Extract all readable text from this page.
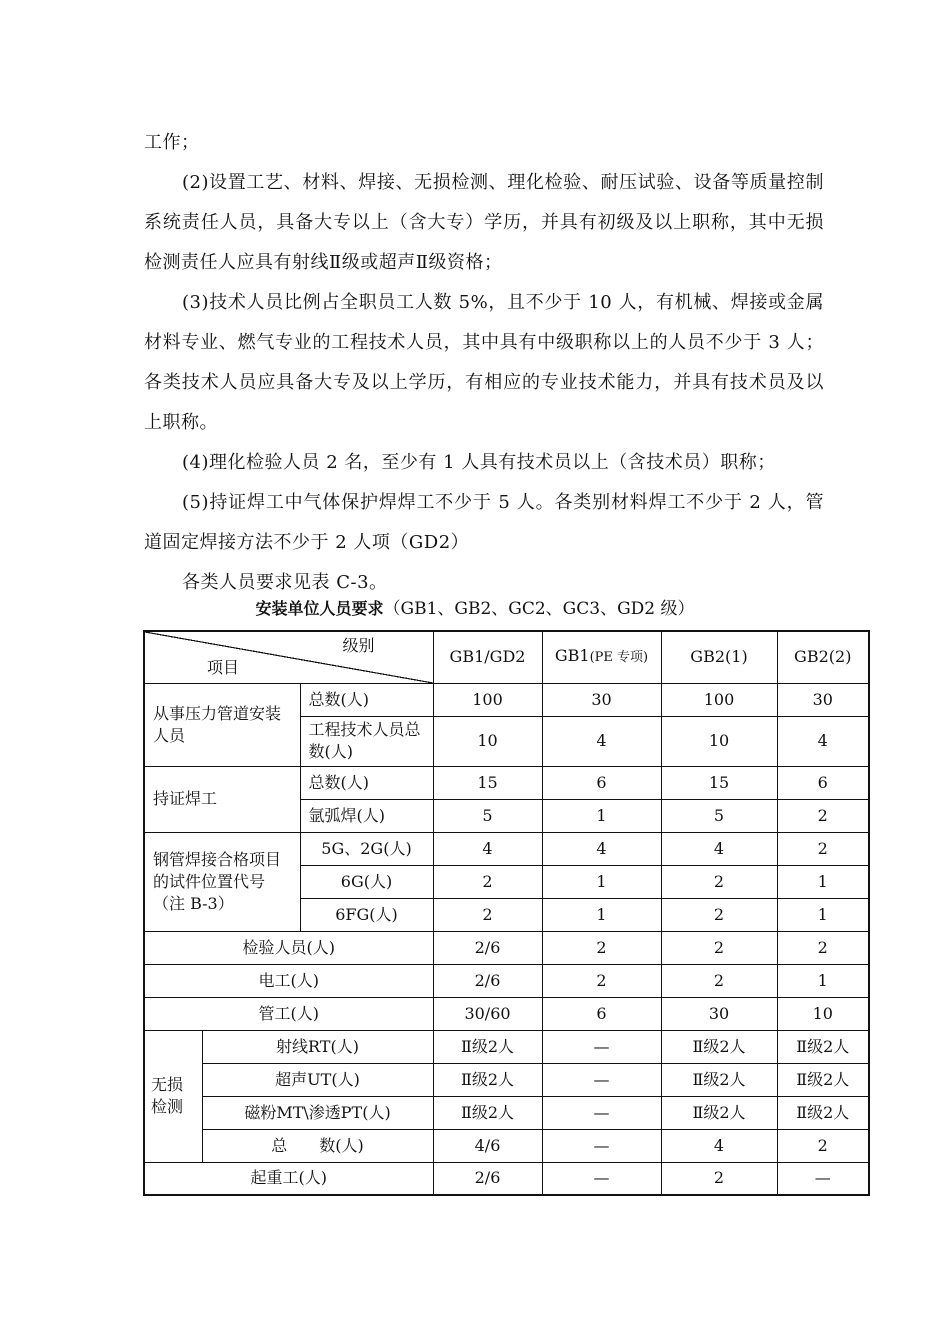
工作；

(2)设置工艺、材料、焊接、无损检测、理化检验、耐压试验、设备等质量控制系统责任人员，具备大专以上（含大专）学历，并具有初级及以上职称，其中无损检测责任人应具有射线Ⅱ级或超声Ⅱ级资格；

(3)技术人员比例占全职员工人数 5%，且不少于 10 人，有机械、焊接或金属材料专业、燃气专业的工程技术人员，其中具有中级职称以上的人员不少于 3 人；各类技术人员应具备大专及以上学历，有相应的专业技术能力，并具有技术员及以上职称。

(4)理化检验人员 2 名，至少有 1 人具有技术员以上（含技术员）职称；

(5)持证焊工中气体保护焊焊工不少于 5 人。各类别材料焊工不少于 2 人，管道固定焊接方法不少于 2 人项（GD2）

各类人员要求见表 C-3。

安装单位人员要求（GB1、GB2、GC2、GC3、GD2 级）
级别
项目			GB1/GD2	GB1(PE 专项)	GB2(1)	GB2(2)
从事压力管道安装人员		总数(人)	100	30	100	30
		工程技术人员总数(人)	10	4	10	4
持证焊工		总数(人)	15	6	15	6
		氩弧焊(人)	5	1	5	2
钢管焊接合格项目的试件位置代号（注 B-3）		5G、2G(人)	4	4	4	2
		6G(人)	2	1	2	1
		6FG(人)	2	1	2	1
检验人员(人)			2/6	2	2	2
电工(人)			2/6	2	2	1
管工(人)			30/60	6	30	10
无损检测	射线RT(人)		Ⅱ级2人	—	Ⅱ级2人	Ⅱ级2人
	超声UT(人)		Ⅱ级2人	—	Ⅱ级2人	Ⅱ级2人
	磁粉MT\渗透PT(人)		Ⅱ级2人	—	Ⅱ级2人	Ⅱ级2人
	总　　数(人)		4/6	—	4	2
起重工(人)			2/6	—	2	—
